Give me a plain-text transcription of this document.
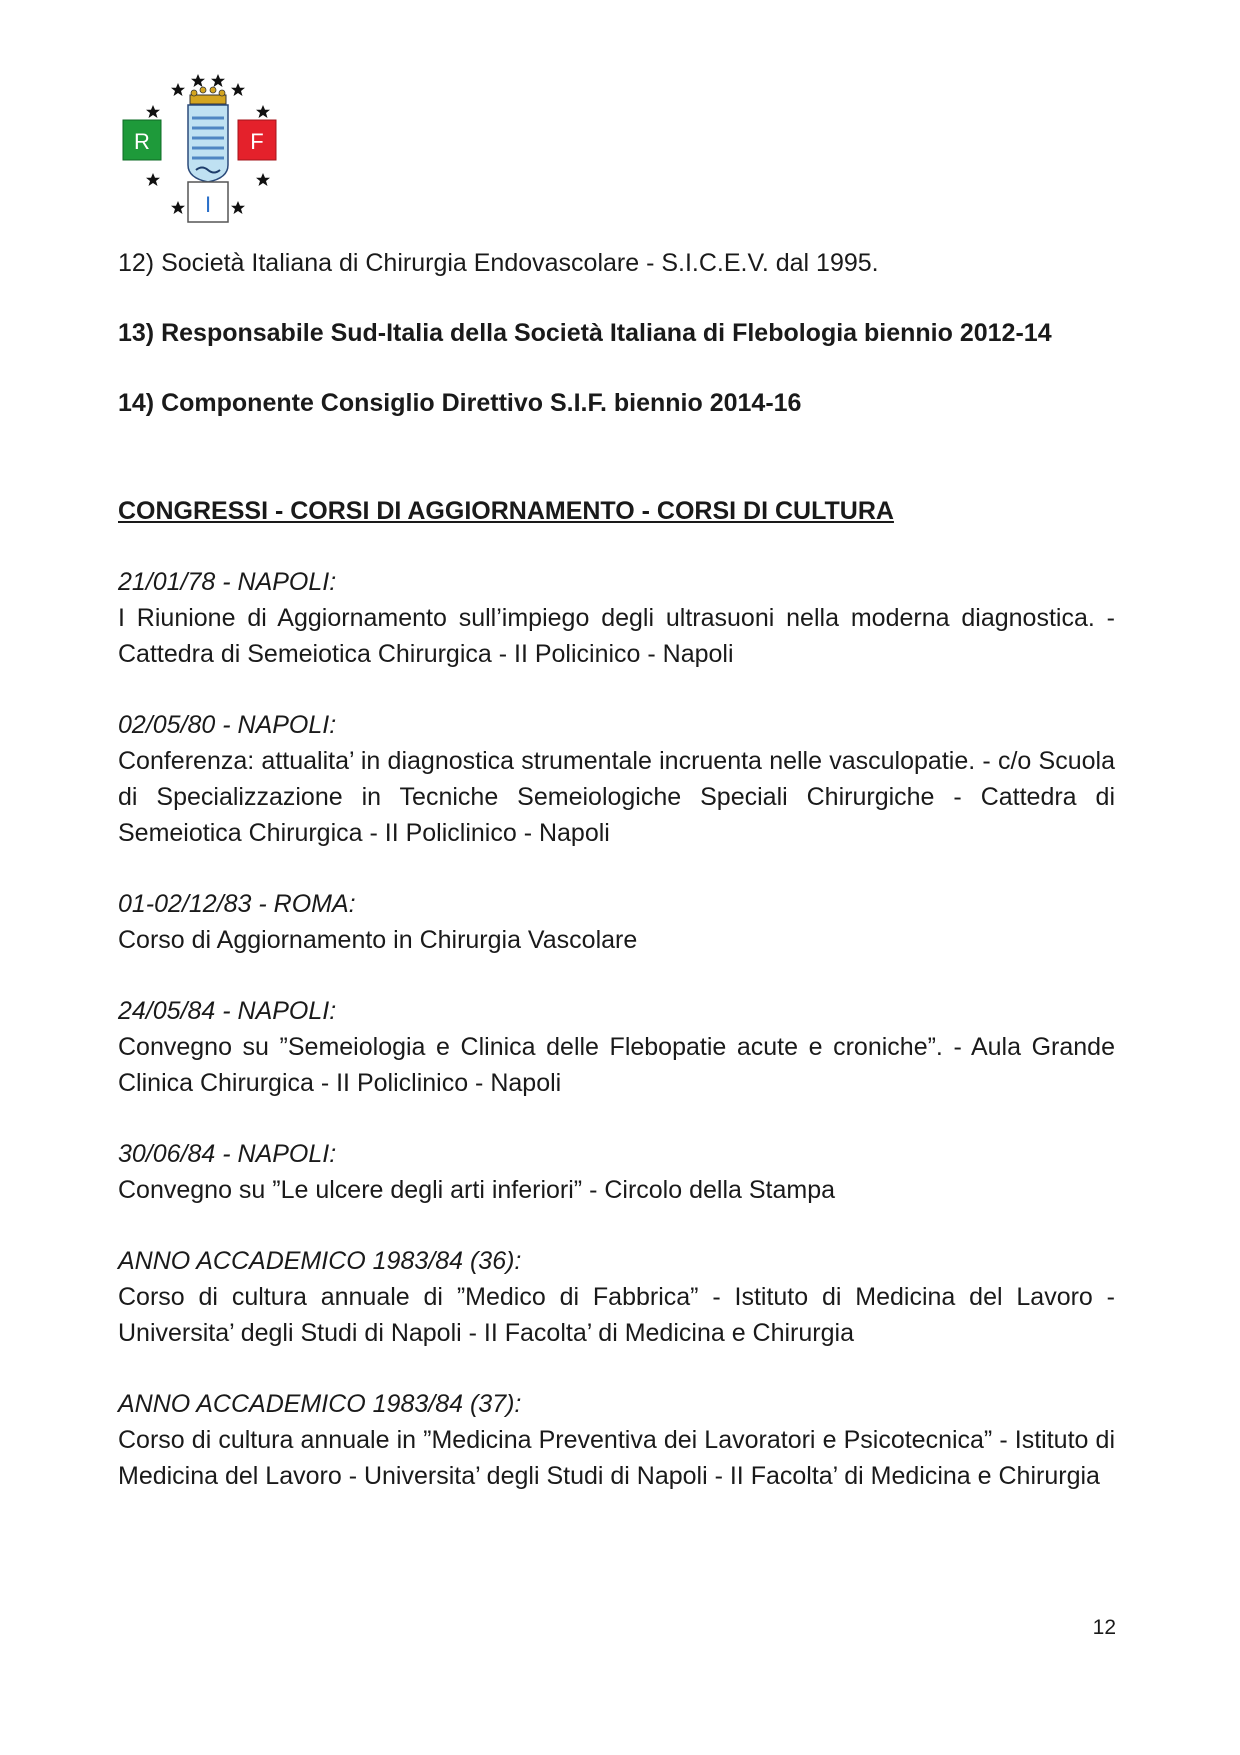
R	F
I

12) Società Italiana di Chirurgia Endovascolare - S.I.C.E.V. dal 1995.

13) Responsabile Sud-Italia della Società Italiana di Flebologia biennio 2012-14

14) Componente Consiglio Direttivo S.I.F. biennio 2014-16

CONGRESSI - CORSI DI AGGIORNAMENTO - CORSI DI CULTURA

21/01/78 - NAPOLI:

I Riunione di Aggiornamento sull’impiego degli ultrasuoni nella moderna diagnostica. - Cattedra di Semeiotica Chirurgica - II Policinico - Napoli

02/05/80 - NAPOLI:

Conferenza: attualita’ in diagnostica strumentale incruenta nelle vasculopatie. - c/o Scuola di Specializzazione in Tecniche Semeiologiche Speciali Chirurgiche - Cattedra di Semeiotica Chirurgica - II Policlinico - Napoli

01-02/12/83 - ROMA:

Corso di Aggiornamento in Chirurgia Vascolare

24/05/84 - NAPOLI:

Convegno su ”Semeiologia e Clinica delle Flebopatie acute e croniche”. - Aula Grande Clinica Chirurgica - II Policlinico - Napoli

30/06/84 - NAPOLI:

Convegno su ”Le ulcere degli arti inferiori” - Circolo della Stampa

ANNO ACCADEMICO 1983/84 (36):

Corso di cultura annuale di ”Medico di Fabbrica” - Istituto di Medicina del Lavoro - Universita’ degli Studi di Napoli - II Facolta’ di Medicina e Chirurgia

ANNO ACCADEMICO 1983/84 (37):

Corso di cultura annuale in ”Medicina Preventiva dei Lavoratori e Psicotecnica” - Istituto di Medicina del Lavoro - Universita’ degli Studi di Napoli - II Facolta’ di Medicina e Chirurgia

12
